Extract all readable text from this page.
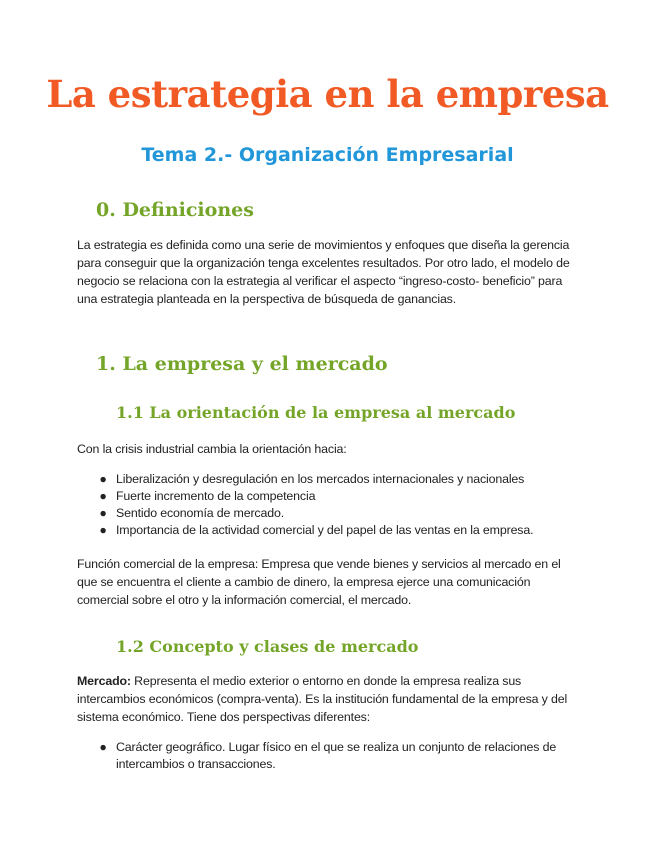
La estrategia en la empresa
Tema 2.- Organización Empresarial
0. Definiciones

La estrategia es definida como una serie de movimientos y enfoques que diseña la gerencia para conseguir que la organización tenga excelentes resultados. Por otro lado, el modelo de negocio se relaciona con la estrategia al verificar el aspecto “ingreso-costo- beneficio” para una estrategia planteada en la perspectiva de búsqueda de ganancias.

1. La empresa y el mercado
1.1 La orientación de la empresa al mercado

Con la crisis industrial cambia la orientación hacia:

● Liberalización y desregulación en los mercados internacionales y nacionales
● Fuerte incremento de la competencia
● Sentido economía de mercado.
● Importancia de la actividad comercial y del papel de las ventas en la empresa.

Función comercial de la empresa: Empresa que vende bienes y servicios al mercado en el que se encuentra el cliente a cambio de dinero, la empresa ejerce una comunicación comercial sobre el otro y la información comercial, el mercado.

1.2 Concepto y clases de mercado

Mercado: Representa el medio exterior o entorno en donde la empresa realiza sus intercambios económicos (compra-venta). Es la institución fundamental de la empresa y del sistema económico. Tiene dos perspectivas diferentes:

● Carácter geográfico. Lugar físico en el que se realiza un conjunto de relaciones de intercambios o transacciones.
